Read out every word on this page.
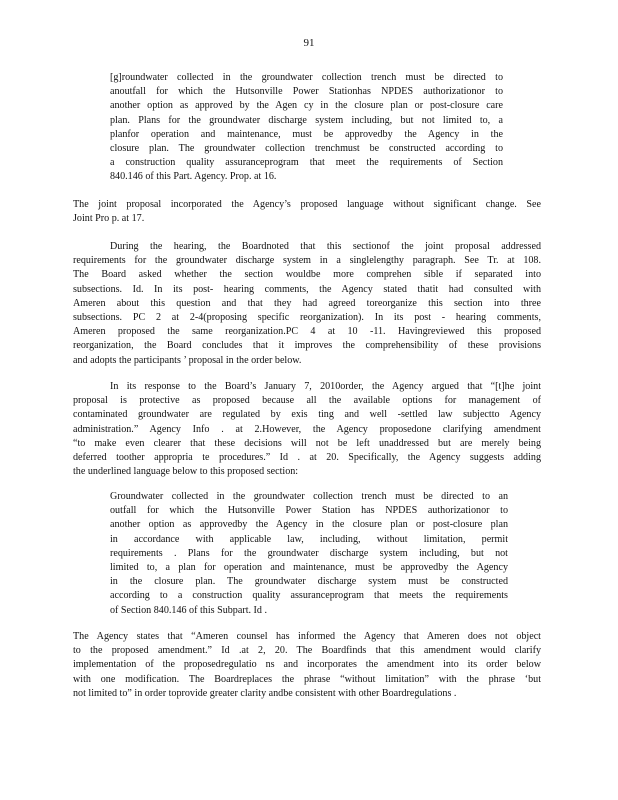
91
[g]roundwater collected in the groundwater collection trench must be directed to
anoutfall for which the Hutsonville Power Stationhas NPDES authorizationor to
another option as approved by the Agen cy in the closure plan or post-closure care
plan. Plans for the groundwater discharge system including, but not limited to, a
planfor operation and maintenance, must be approvedby the Agency in the
closure plan. The groundwater collection trenchmust be constructed according to
a construction quality assuranceprogram that meet the requirements of Section
840.146 of this Part. Agency. Prop. at 16.
The joint proposal incorporated the Agency’s proposed language without significant change. See
Joint Pro p. at 17.
During the hearing, the Boardnoted that this sectionof the joint proposal addressed
requirements for the groundwater discharge system in a singlelengthy paragraph. See Tr. at 108.
The Board asked whether the section wouldbe more comprehen sible if separated into
subsections. Id. In its post- hearing comments, the Agency stated thatit had consulted with
Ameren about this question and that they had agreed toreorganize this section into three
subsections. PC 2 at 2-4(proposing specific reorganization). In its post - hearing comments,
Ameren proposed the same reorganization.PC 4 at 10 -11. Havingreviewed this proposed
reorganization, the Board concludes that it improves the comprehensibility of these provisions
and adopts the participants ’ proposal in the order below.
In its response to the Board’s January 7, 2010order, the Agency argued that “[t]he joint
proposal is protective as proposed because all the available options for management of
contaminated groundwater are regulated by exis ting and well -settled law subjectto Agency
administration.” Agency Info . at 2.However, the Agency proposedone clarifying amendment
“to make even clearer that these decisions will not be left unaddressed but are merely being
deferred toother appropria te procedures.” Id . at 20. Specifically, the Agency suggests adding
the underlined language below to this proposed section:
Groundwater collected in the groundwater collection trench must be directed to an
outfall for which the Hutsonville Power Station has NPDES authorizationor to
another option as approvedby the Agency in the closure plan or post-closure plan
in accordance with applicable law, including, without limitation, permit
requirements . Plans for the groundwater discharge system including, but not
limited to, a plan for operation and maintenance, must be approvedby the Agency
in the closure plan. The groundwater discharge system must be constructed
according to a construction quality assuranceprogram that meets the requirements
of Section 840.146 of this Subpart. Id .
The Agency states that “Ameren counsel has informed the Agency that Ameren does not object
to the proposed amendment.” Id .at 2, 20. The Boardfinds that this amendment would clarify
implementation of the proposedregulatio ns and incorporates the amendment into its order below
with one modification. The Boardreplaces the phrase “without limitation” with the phrase ‘but
not limited to” in order toprovide greater clarity andbe consistent with other Boardregulations .
